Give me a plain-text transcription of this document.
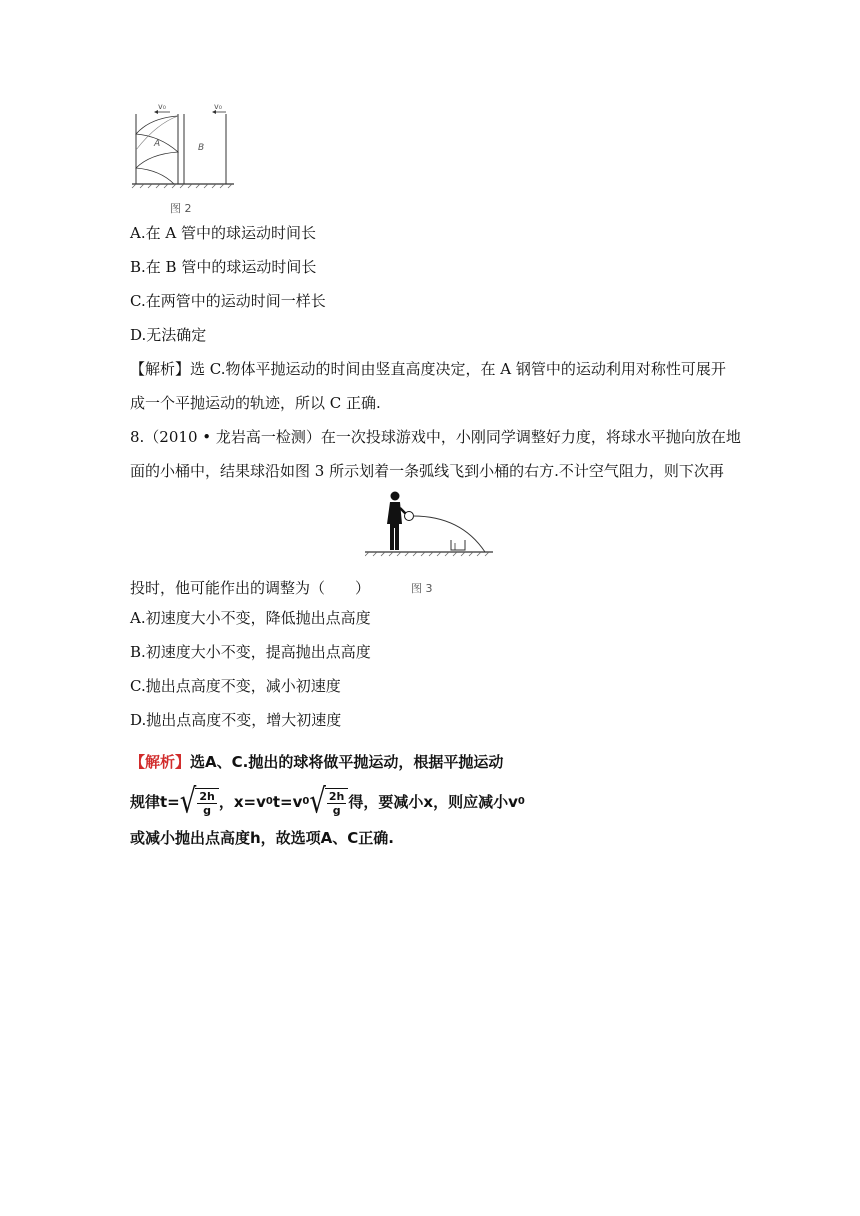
v₀	v₀
A	B
图 2
A.在 A 管中的球运动时间长
B.在 B 管中的球运动时间长
C.在两管中的运动时间一样长
D.无法确定
【解析】选 C.物体平抛运动的时间由竖直高度决定，在 A 钢管中的运动利用对称性可展开
成一个平抛运动的轨迹，所以 C 正确.
8.（2010 • 龙岩高一检测）在一次投球游戏中，小刚同学调整好力度，将球水平抛向放在地
面的小桶中，结果球沿如图 3 所示划着一条弧线飞到小桶的右方.不计空气阻力，则下次再
投时，他可能作出的调整为（　　）	图 3
A.初速度大小不变，降低抛出点高度
B.初速度大小不变，提高抛出点高度
C.抛出点高度不变，减小初速度
D.抛出点高度不变，增大初速度
【解析】选A、C.抛出的球将做平抛运动，根据平抛运动
规律t= √ $\frac{2h}{g}$ ，x=v 0 t=v 0 √ $\frac{2h}{g}$ 得，要减小x，则应减小v 0
或减小抛出点高度h，故选项A、C正确.
